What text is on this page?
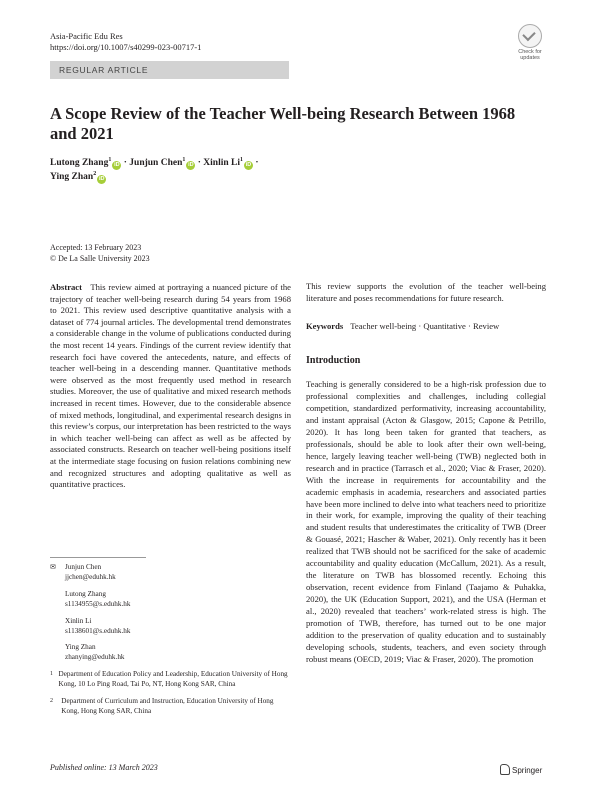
Asia-Pacific Edu Res
https://doi.org/10.1007/s40299-023-00717-1
Check for
updates
REGULAR ARTICLE
A Scope Review of the Teacher Well-being Research Between 1968 and 2021
Lutong Zhang$^1$iD · Junjun Chen$^1$iD · Xinlin $Li^1iD$ ·
Ying Zhan$^2$iD
Accepted: 13 February 2023
© De La Salle University 2023
Abstract This review aimed at portraying a nuanced picture of the trajectory of teacher well-being research during 54 years from 1968 to 2021. This review used descriptive quantitative analysis with a dataset of 774 journal articles. The developmental trend demonstrates a considerable change in the volume of publications conducted during the most recent 14 years. Findings of the current review identify that research foci have covered the antecedents, nature, and effects of teacher well-being in a descending manner. Quantitative methods were observed as the most frequently used method in research studies. Moreover, the use of qualitative and mixed research methods increased in recent times. However, due to the considerable absence of mixed methods, longitudinal, and experimental research designs in this review’s corpus, our interpretation has been restricted to the ways in which teacher well-being can affect as well as be affected by associated constructs. Research on teacher well-being positions itself at the intermediate stage focusing on fusion relations combining new and recognized structures and adopting qualitative as well as quantitative practices.
This review supports the evolution of the teacher well-being literature and poses recommendations for future research.
Keywords Teacher well-being · Quantitative · Review
Introduction
Teaching is generally considered to be a high-risk profession due to professional complexities and challenges, including collegial competition, standardized performativity, increasing accountability, and instant appraisal (Acton & Glasgow, 2015; Capone & Petrillo, 2020). It has long been taken for granted that teachers, as professionals, should be able to look after their own well-being, hence, largely leaving teacher well-being (TWB) neglected both in research and in practice (Tarrasch et al., 2020; Viac & Fraser, 2020). With the increase in requirements for accountability and the academic emphasis in academia, researchers and associated parties have been more inclined to delve into what teachers need to prioritize in their work, for example, improving the quality of their teaching and student results that underestimates the criticality of TWB (Dreer & Gouasé, 2021; Hascher & Waber, 2021). Only recently has it been realized that TWB should not be sacrificed for the sake of academic accountability and quality education (McCallum, 2021). As a result, the literature on TWB has blossomed recently. Echoing this observation, recent evidence from Finland (Taajamo & Puhakka, 2020), the UK (Education Support, 2021), and the USA (Herman et al., 2020) revealed that teachers’ work-related stress is high. The promotion of TWB, therefore, has turned out to be one major addition to the preservation of quality education and to sustainably developing schools, students, teachers, and even society through robust means (OECD, 2019; Viac & Fraser, 2020). The promotion
✉	Junjun Chen
jjchen@eduhk.hk
Lutong Zhang
s1134955@s.eduhk.hk
Xinlin Li
s1138601@s.eduhk.hk
Ying Zhan
zhanying@eduhk.hk
1 Department of Education Policy and Leadership, Education University of Hong Kong, 10 Lo Ping Road, Tai Po, NT, Hong Kong SAR, China
2	Department of Curriculum and Instruction, Education University of Hong Kong, Hong Kong SAR, China
Published online: 13 March 2023	Springer
